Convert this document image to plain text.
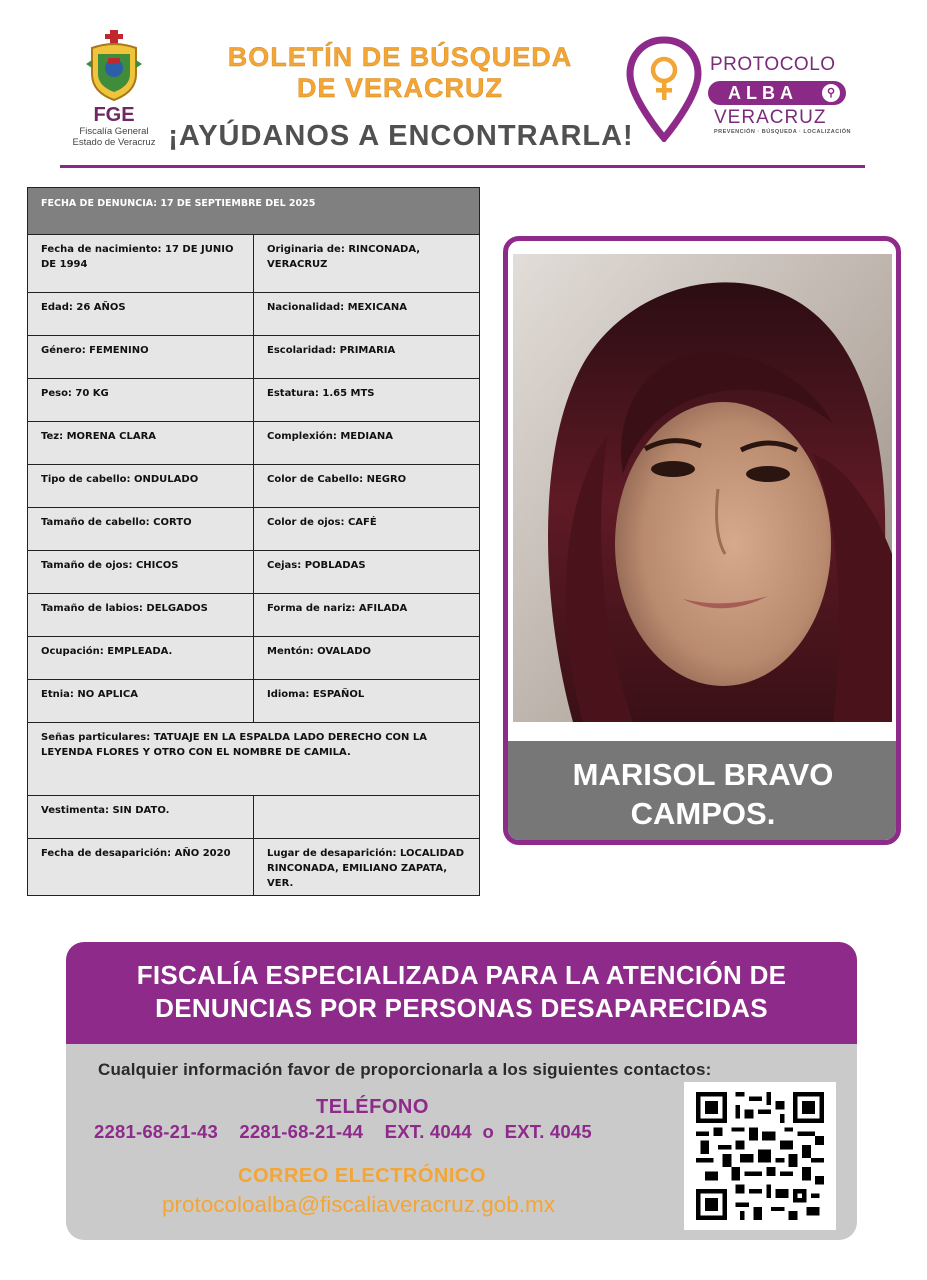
FGE
Fiscalía General
Estado de Veracruz
BOLETÍN DE BÚSQUEDA
DE VERACRUZ
¡AYÚDANOS A ENCONTRARLA!
PROTOCOLO
ALBA	⚲
VERACRUZ
PREVENCIÓN · BÚSQUEDA · LOCALIZACIÓN
FECHA DE DENUNCIA: 17 DE SEPTIEMBRE DEL 2025	
Fecha de nacimiento: 17 DE JUNIO DE 1994	Originaria de: RINCONADA, VERACRUZ
Edad: 26 AÑOS	Nacionalidad: MEXICANA
Género: FEMENINO	Escolaridad: PRIMARIA
Peso: 70 KG	Estatura: 1.65 MTS
Tez: MORENA CLARA	Complexión: MEDIANA
Tipo de cabello: ONDULADO	Color de Cabello: NEGRO
Tamaño de cabello: CORTO	Color de ojos: CAFÉ
Tamaño de ojos: CHICOS	Cejas: POBLADAS
Tamaño de labios: DELGADOS	Forma de nariz: AFILADA
Ocupación: EMPLEADA.	Mentón: OVALADO
Etnia: NO APLICA	Idioma: ESPAÑOL
Señas particulares: TATUAJE EN LA ESPALDA LADO DERECHO CON LA LEYENDA FLORES Y OTRO CON EL NOMBRE DE CAMILA.	
Vestimenta: SIN DATO.	
Fecha de desaparición: AÑO 2020	Lugar de desaparición: LOCALIDAD RINCONADA, EMILIANO ZAPATA, VER.
MARISOL BRAVO
CAMPOS.
FISCALÍA ESPECIALIZADA PARA LA ATENCIÓN DE
DENUNCIAS POR PERSONAS DESAPARECIDAS
Cualquier información favor de proporcionarla a los siguientes contactos:
TELÉFONO
2281-68-21-43    2281-68-21-44    EXT. 4044  o  EXT. 4045
CORREO ELECTRÓNICO
protocoloalba@fiscaliaveracruz.gob.mx
